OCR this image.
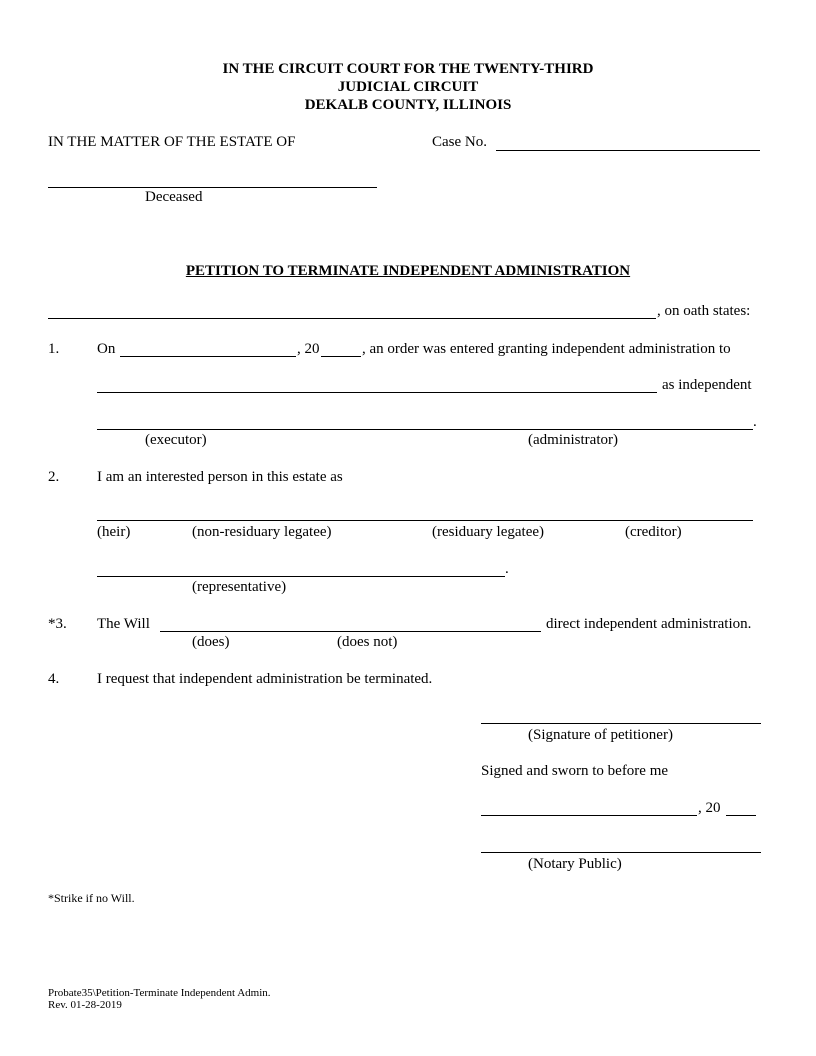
IN THE CIRCUIT COURT FOR THE TWENTY-THIRD
JUDICIAL CIRCUIT
DEKALB COUNTY, ILLINOIS
IN THE MATTER OF THE ESTATE OF	Case No.
Deceased
PETITION TO TERMINATE INDEPENDENT ADMINISTRATION
, on oath states:
1.	On	, 20	, an order was entered granting independent administration to
as independent
.
(executor)	(administrator)
2.	I am an interested person in this estate as
(heir)	(non-residuary legatee)	(residuary legatee)	(creditor)
.
(representative)
*3. The Will	direct independent administration.
(does)	(does not)
4.	I request that independent administration be terminated.
(Signature of petitioner)
Signed and sworn to before me
, 20
(Notary Public)
*Strike if no Will.
Probate35\Petition-Terminate Independent Admin.
Rev. 01-28-2019
